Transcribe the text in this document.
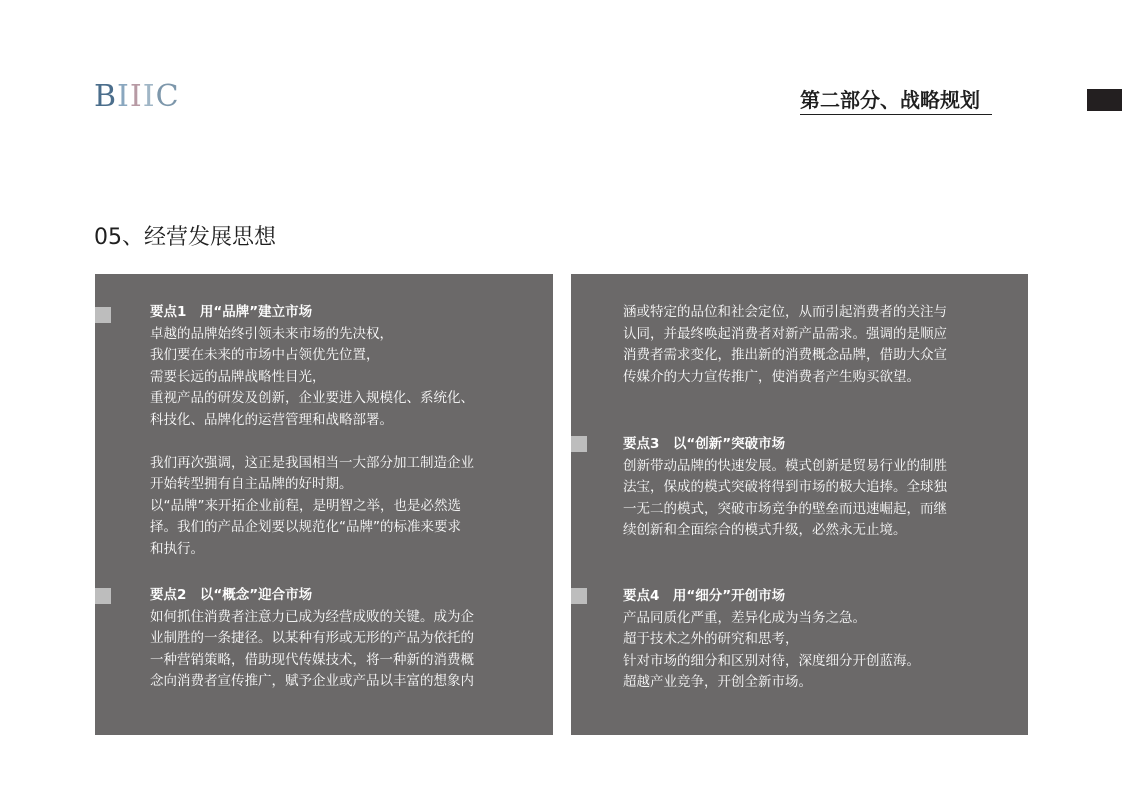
BIIIC	第二部分、战略规划
05、经营发展思想
要点1　用“品牌”建立市场
卓越的品牌始终引领未来市场的先决权，
我们要在未来的市场中占领优先位置，
需要长远的品牌战略性目光，
重视产品的研发及创新，企业要进入规模化、系统化、
科技化、品牌化的运营管理和战略部署。
我们再次强调，这正是我国相当一大部分加工制造企业
开始转型拥有自主品牌的好时期。
以“品牌”来开拓企业前程，是明智之举，也是必然选
择。我们的产品企划要以规范化“品牌”的标准来要求
和执行。
要点2　以“概念”迎合市场
如何抓住消费者注意力已成为经营成败的关键。成为企
业制胜的一条捷径。以某种有形或无形的产品为依托的
一种营销策略，借助现代传媒技术，将一种新的消费概
念向消费者宣传推广，赋予企业或产品以丰富的想象内
涵或特定的品位和社会定位，从而引起消费者的关注与
认同，并最终唤起消费者对新产品需求。强调的是顺应
消费者需求变化，推出新的消费概念品牌，借助大众宣
传媒介的大力宣传推广，使消费者产生购买欲望。
要点3　以“创新”突破市场
创新带动品牌的快速发展。模式创新是贸易行业的制胜
法宝，保成的模式突破将得到市场的极大追捧。全球独
一无二的模式，突破市场竞争的壁垒而迅速崛起，而继
续创新和全面综合的模式升级，必然永无止境。
要点4　用“细分”开创市场
产品同质化严重，差异化成为当务之急。
超于技术之外的研究和思考，
针对市场的细分和区别对待，深度细分开创蓝海。
超越产业竞争，开创全新市场。
